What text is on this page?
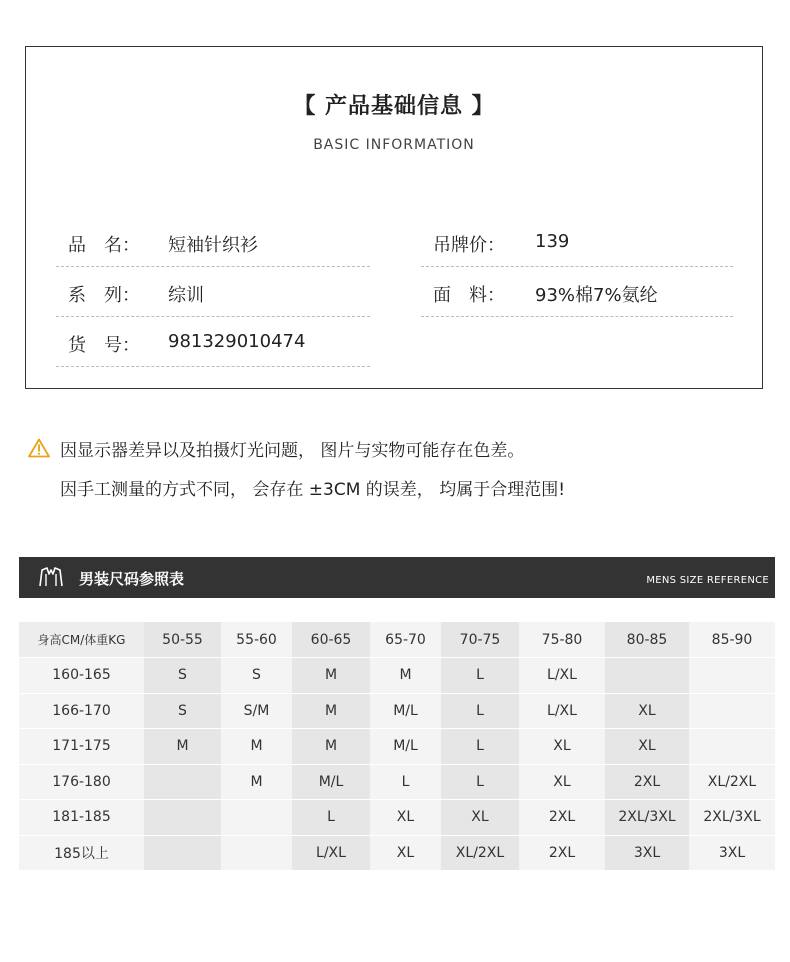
【 产品基础信息 】
BASIC INFORMATION
品　名： 短袖针织衫
系　列： 综训
货　号： 981329010474
吊牌价： 139
面　料： 93%棉7%氨纶
因显示器差异以及拍摄灯光问题， 图片与实物可能存在色差。
因手工测量的方式不同， 会存在 ±3CM 的误差， 均属于合理范围!
男装尺码参照表	MENS SIZE REFERENCE
身高CM/体重KG	50-55	55-60	60-65	65-70	70-75	75-80	80-85	85-90
160-165	S	S	M	M	L	L/XL		
166-170	S	S/M	M	M/L	L	L/XL	XL	
171-175	M	M	M	M/L	L	XL	XL	
176-180		M	M/L	L	L	XL	2XL	XL/2XL
181-185			L	XL	XL	2XL	2XL/3XL	2XL/3XL
185以上			L/XL	XL	XL/2XL	2XL	3XL	3XL
